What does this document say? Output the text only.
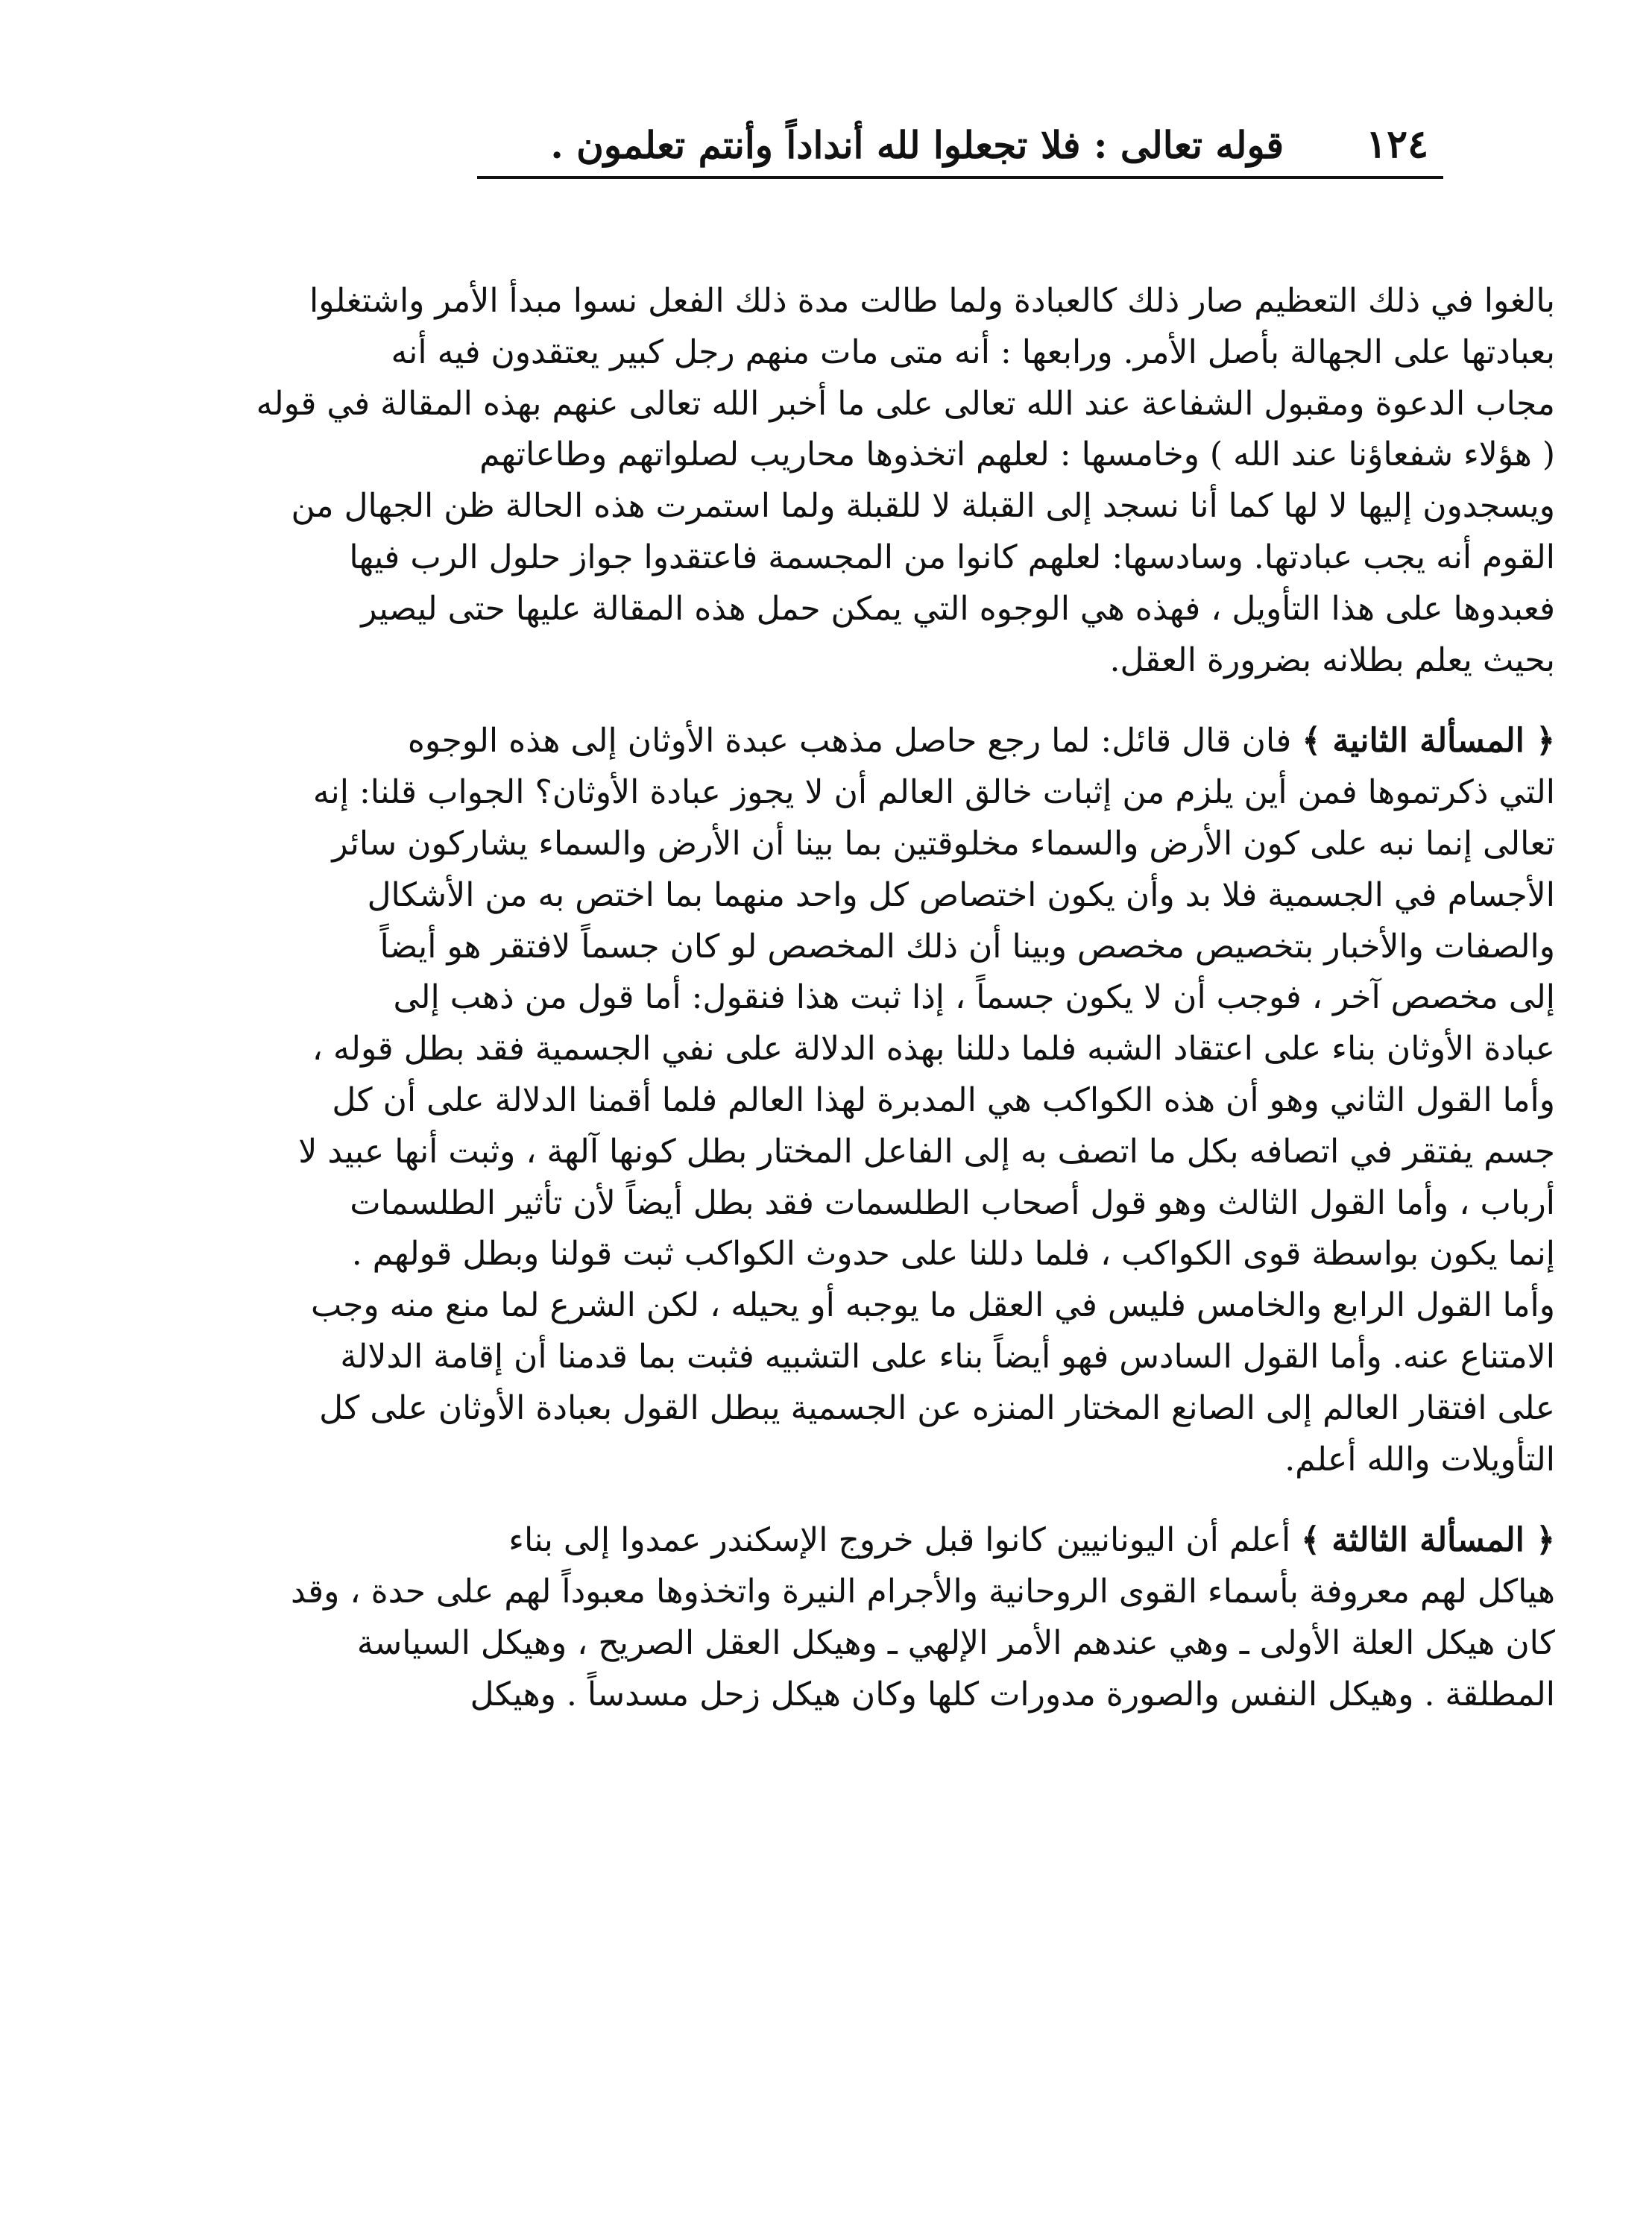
١٢٤
قوله تعالى : فلا تجعلوا لله أنداداً وأنتم تعلمون .
بالغوا في ذلك التعظيم صار ذلك كالعبادة ولما طالت مدة ذلك الفعل نسوا مبدأ الأمر واشتغلوا
بعبادتها على الجهالة بأصل الأمر. ورابعها : أنه متى مات منهم رجل كبير يعتقدون فيه أنه
مجاب الدعوة ومقبول الشفاعة عند الله تعالى على ما أخبر الله تعالى عنهم بهذه المقالة في قوله
( هؤلاء شفعاؤنا عند الله ) وخامسها : لعلهم اتخذوها محاريب لصلواتهم وطاعاتهم
ويسجدون إليها لا لها كما أنا نسجد إلى القبلة لا للقبلة ولما استمرت هذه الحالة ظن الجهال من
القوم أنه يجب عبادتها. وسادسها: لعلهم كانوا من المجسمة فاعتقدوا جواز حلول الرب فيها
فعبدوها على هذا التأويل ، فهذه هي الوجوه التي يمكن حمل هذه المقالة عليها حتى ليصير
بحيث يعلم بطلانه بضرورة العقل.
﴿ المسألة الثانية ﴾ فان قال قائل: لما رجع حاصل مذهب عبدة الأوثان إلى هذه الوجوه
التي ذكرتموها فمن أين يلزم من إثبات خالق العالم أن لا يجوز عبادة الأوثان؟ الجواب قلنا: إنه
تعالى إنما نبه على كون الأرض والسماء مخلوقتين بما بينا أن الأرض والسماء يشاركون سائر
الأجسام في الجسمية فلا بد وأن يكون اختصاص كل واحد منهما بما اختص به من الأشكال
والصفات والأخبار بتخصيص مخصص وبينا أن ذلك المخصص لو كان جسماً لافتقر هو أيضاً
إلى مخصص آخر ، فوجب أن لا يكون جسماً ، إذا ثبت هذا فنقول: أما قول من ذهب إلى
عبادة الأوثان بناء على اعتقاد الشبه فلما دللنا بهذه الدلالة على نفي الجسمية فقد بطل قوله ،
وأما القول الثاني وهو أن هذه الكواكب هي المدبرة لهذا العالم فلما أقمنا الدلالة على أن كل
جسم يفتقر في اتصافه بكل ما اتصف به إلى الفاعل المختار بطل كونها آلهة ، وثبت أنها عبيد لا
أرباب ، وأما القول الثالث وهو قول أصحاب الطلسمات فقد بطل أيضاً لأن تأثير الطلسمات
إنما يكون بواسطة قوى الكواكب ، فلما دللنا على حدوث الكواكب ثبت قولنا وبطل قولهم .
وأما القول الرابع والخامس فليس في العقل ما يوجبه أو يحيله ، لكن الشرع لما منع منه وجب
الامتناع عنه. وأما القول السادس فهو أيضاً بناء على التشبيه فثبت بما قدمنا أن إقامة الدلالة
على افتقار العالم إلى الصانع المختار المنزه عن الجسمية يبطل القول بعبادة الأوثان على كل
التأويلات والله أعلم.
﴿ المسألة الثالثة ﴾ أعلم أن اليونانيين كانوا قبل خروج الإسكندر عمدوا إلى بناء
هياكل لهم معروفة بأسماء القوى الروحانية والأجرام النيرة واتخذوها معبوداً لهم على حدة ، وقد
كان هيكل العلة الأولى ـ وهي عندهم الأمر الإلهي ـ وهيكل العقل الصريح ، وهيكل السياسة
المطلقة . وهيكل النفس والصورة مدورات كلها وكان هيكل زحل مسدساً . وهيكل
